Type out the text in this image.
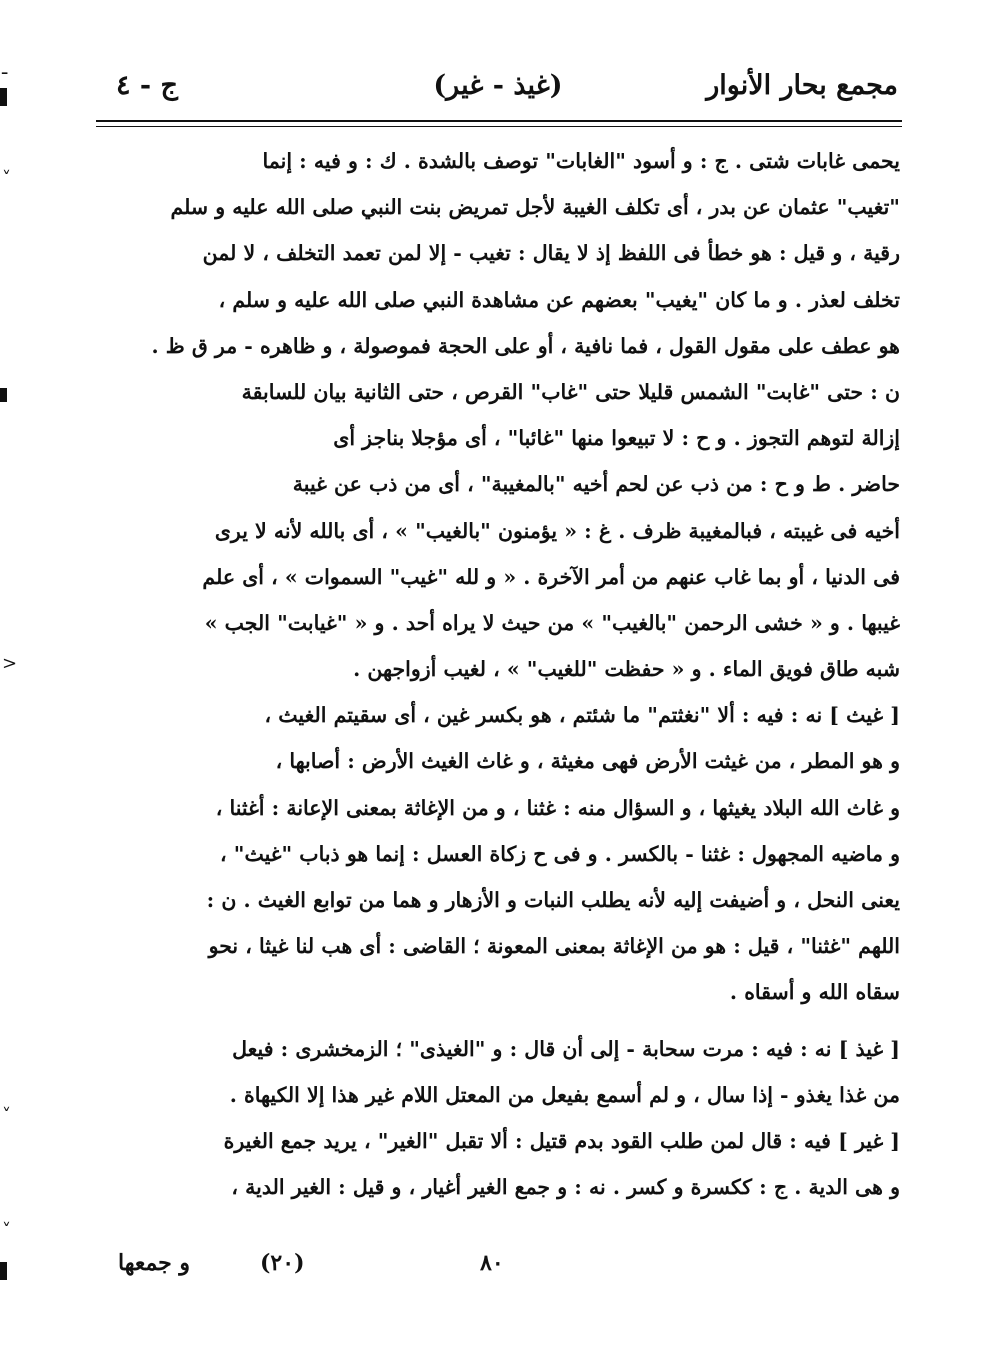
ـ
˅
>
˅
˅
مجمع بحار الأنوار
(غيذ - غير)
ج - ٤
يحمى غابات شتى . ج : و أسود "الغابات" توصف بالشدة . ك : و فيه : إنما
"تغيب" عثمان عن بدر ، أى تكلف الغيبة لأجل تمريض بنت النبي صلى الله عليه و سلم
رقية ، و قيل : هو خطأ فى اللفظ إذ لا يقال : تغيب - إلا لمن تعمد التخلف ، لا لمن
تخلف لعذر . و ما كان "يغيب" بعضهم عن مشاهدة النبي صلى الله عليه و سلم ،
هو عطف على مقول القول ، فما نافية ، أو على الحجة فموصولة ، و ظاهره - مر ق ظ .
ن : حتى "غابت" الشمس قليلا حتى "غاب" القرص ، حتى الثانية بيان للسابقة
إزالة لتوهم التجوز . و ح : لا تبيعوا منها "غائبا" ، أى مؤجلا بناجز أى
حاضر . ط و ح : من ذب عن لحم أخيه "بالمغيبة" ، أى من ذب عن غيبة
أخيه فى غيبته ، فبالمغيبة ظرف . غ : « يؤمنون "بالغيب" » ، أى بالله لأنه لا يرى
فى الدنيا ، أو بما غاب عنهم من أمر الآخرة . « و لله "غيب" السموات » ، أى علم
غيبها . و « خشى الرحمن "بالغيب" » من حيث لا يراه أحد . و « "غيابت" الجب »
شبه طاق فويق الماء . و « حفظت "للغيب" » ، لغيب أزواجهن .
[ غيث ] نه : فيه : ألا "نغثتم" ما شئتم ، هو بكسر غين ، أى سقيتم الغيث ،
و هو المطر ، من غيثت الأرض فهى مغيثة ، و غاث الغيث الأرض : أصابها ،
و غاث الله البلاد يغيثها ، و السؤال منه : غثنا ، و من الإغاثة بمعنى الإعانة : أغثنا ،
و ماضيه المجهول : غثنا - بالكسر . و فى ح زكاة العسل : إنما هو ذباب "غيث" ،
يعنى النحل ، و أضيفت إليه لأنه يطلب النبات و الأزهار و هما من توابع الغيث . ن :
اللهم "غثنا" ، قيل : هو من الإغاثة بمعنى المعونة ؛ القاضى : أى هب لنا غيثا ، نحو
سقاه الله و أسقاه .
[ غيذ ] نه : فيه : مرت سحابة - إلى أن قال : و "الغيذى" ؛ الزمخشرى : فيعل
من غذا يغذو - إذا سال ، و لم أسمع بفيعل من المعتل اللام غير هذا إلا الكيهاة .
[ غير ] فيه : قال لمن طلب القود بدم قتيل : ألا تقبل "الغير" ، يريد جمع الغيرة
و هى الدية . ج : ككسرة و كسر . نه : و جمع الغير أغيار ، و قيل : الغير الدية ،
٨٠
(٢٠)
و جمعها
